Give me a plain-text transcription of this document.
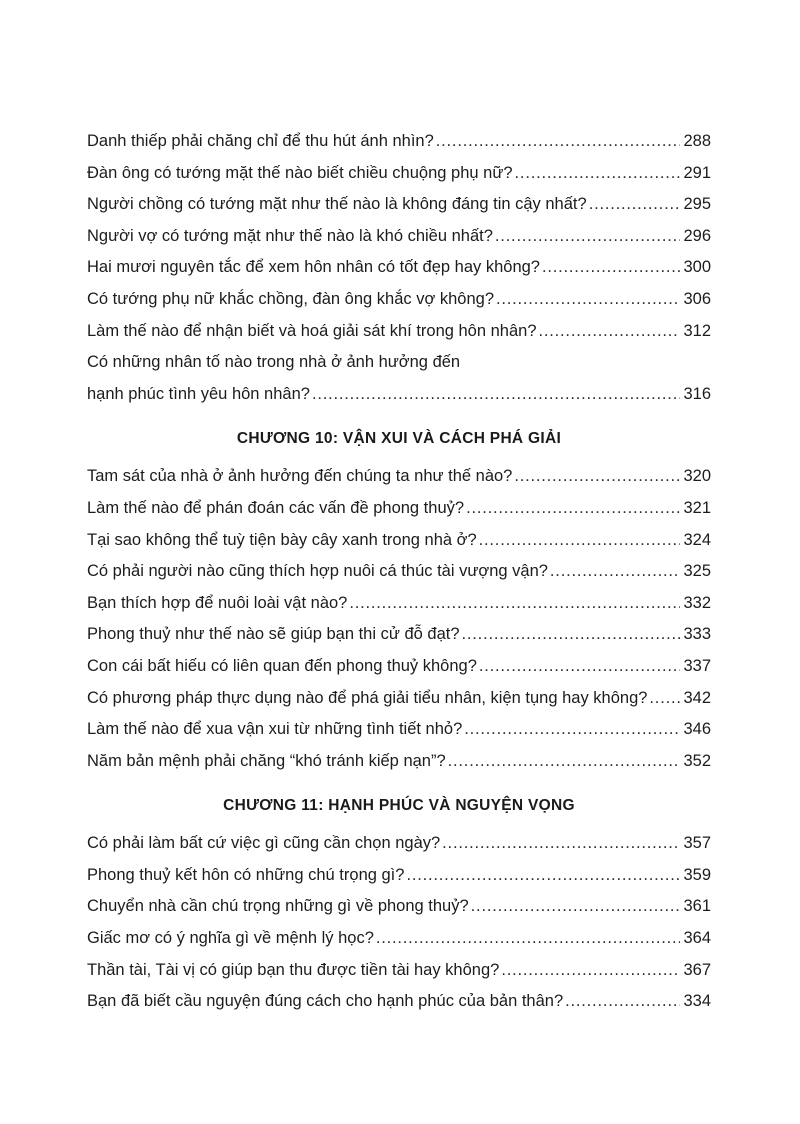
Danh thiếp phải chăng chỉ để thu hút ánh nhìn? .....	288
Đàn ông có tướng mặt thế nào biết chiều chuộng phụ nữ? .....	291
Người chồng có tướng mặt như thế nào là không đáng tin cậy nhất? .....	295
Người vợ có tướng mặt như thế nào là khó chiều nhất? .....	296
Hai mươi nguyên tắc để xem hôn nhân có tốt đẹp hay không? .....	300
Có tướng phụ nữ khắc chồng, đàn ông khắc vợ không? .....	306
Làm thế nào để nhận biết và hoá giải sát khí trong hôn nhân? .....	312
Có những nhân tố nào trong nhà ở ảnh hưởng đến
hạnh phúc tình yêu hôn nhân? .....	316
CHƯƠNG 10: VẬN XUI VÀ CÁCH PHÁ GIẢI
Tam sát của nhà ở ảnh hưởng đến chúng ta như thế nào? .....	320
Làm thế nào để phán đoán các vấn đề phong thuỷ? .....	321
Tại sao không thể tuỳ tiện bày cây xanh trong nhà ở? .....	324
Có phải người nào cũng thích hợp nuôi cá thúc tài vượng vận? .....	325
Bạn thích hợp để nuôi loài vật nào? .....	332
Phong thuỷ như thế nào sẽ giúp bạn thi cử đỗ đạt? .....	333
Con cái bất hiếu có liên quan đến phong thuỷ không? .....	337
Có phương pháp thực dụng nào để phá giải tiểu nhân, kiện tụng hay không? ..... 342
Làm thế nào để xua vận xui từ những tình tiết nhỏ? .....	346
Năm bản mệnh phải chăng “khó tránh kiếp nạn”? .....	352
CHƯƠNG 11: HẠNH PHÚC VÀ NGUYỆN VỌNG
Có phải làm bất cứ việc gì cũng cần chọn ngày? .....	357
Phong thuỷ kết hôn có những chú trọng gì? .....	359
Chuyển nhà cần chú trọng những gì về phong thuỷ? .....	361
Giấc mơ có ý nghĩa gì về mệnh lý học? .....	364
Thần tài, Tài vị có giúp bạn thu được tiền tài hay không? .....	367
Bạn đã biết cầu nguyện đúng cách cho hạnh phúc của bản thân? .....	334
